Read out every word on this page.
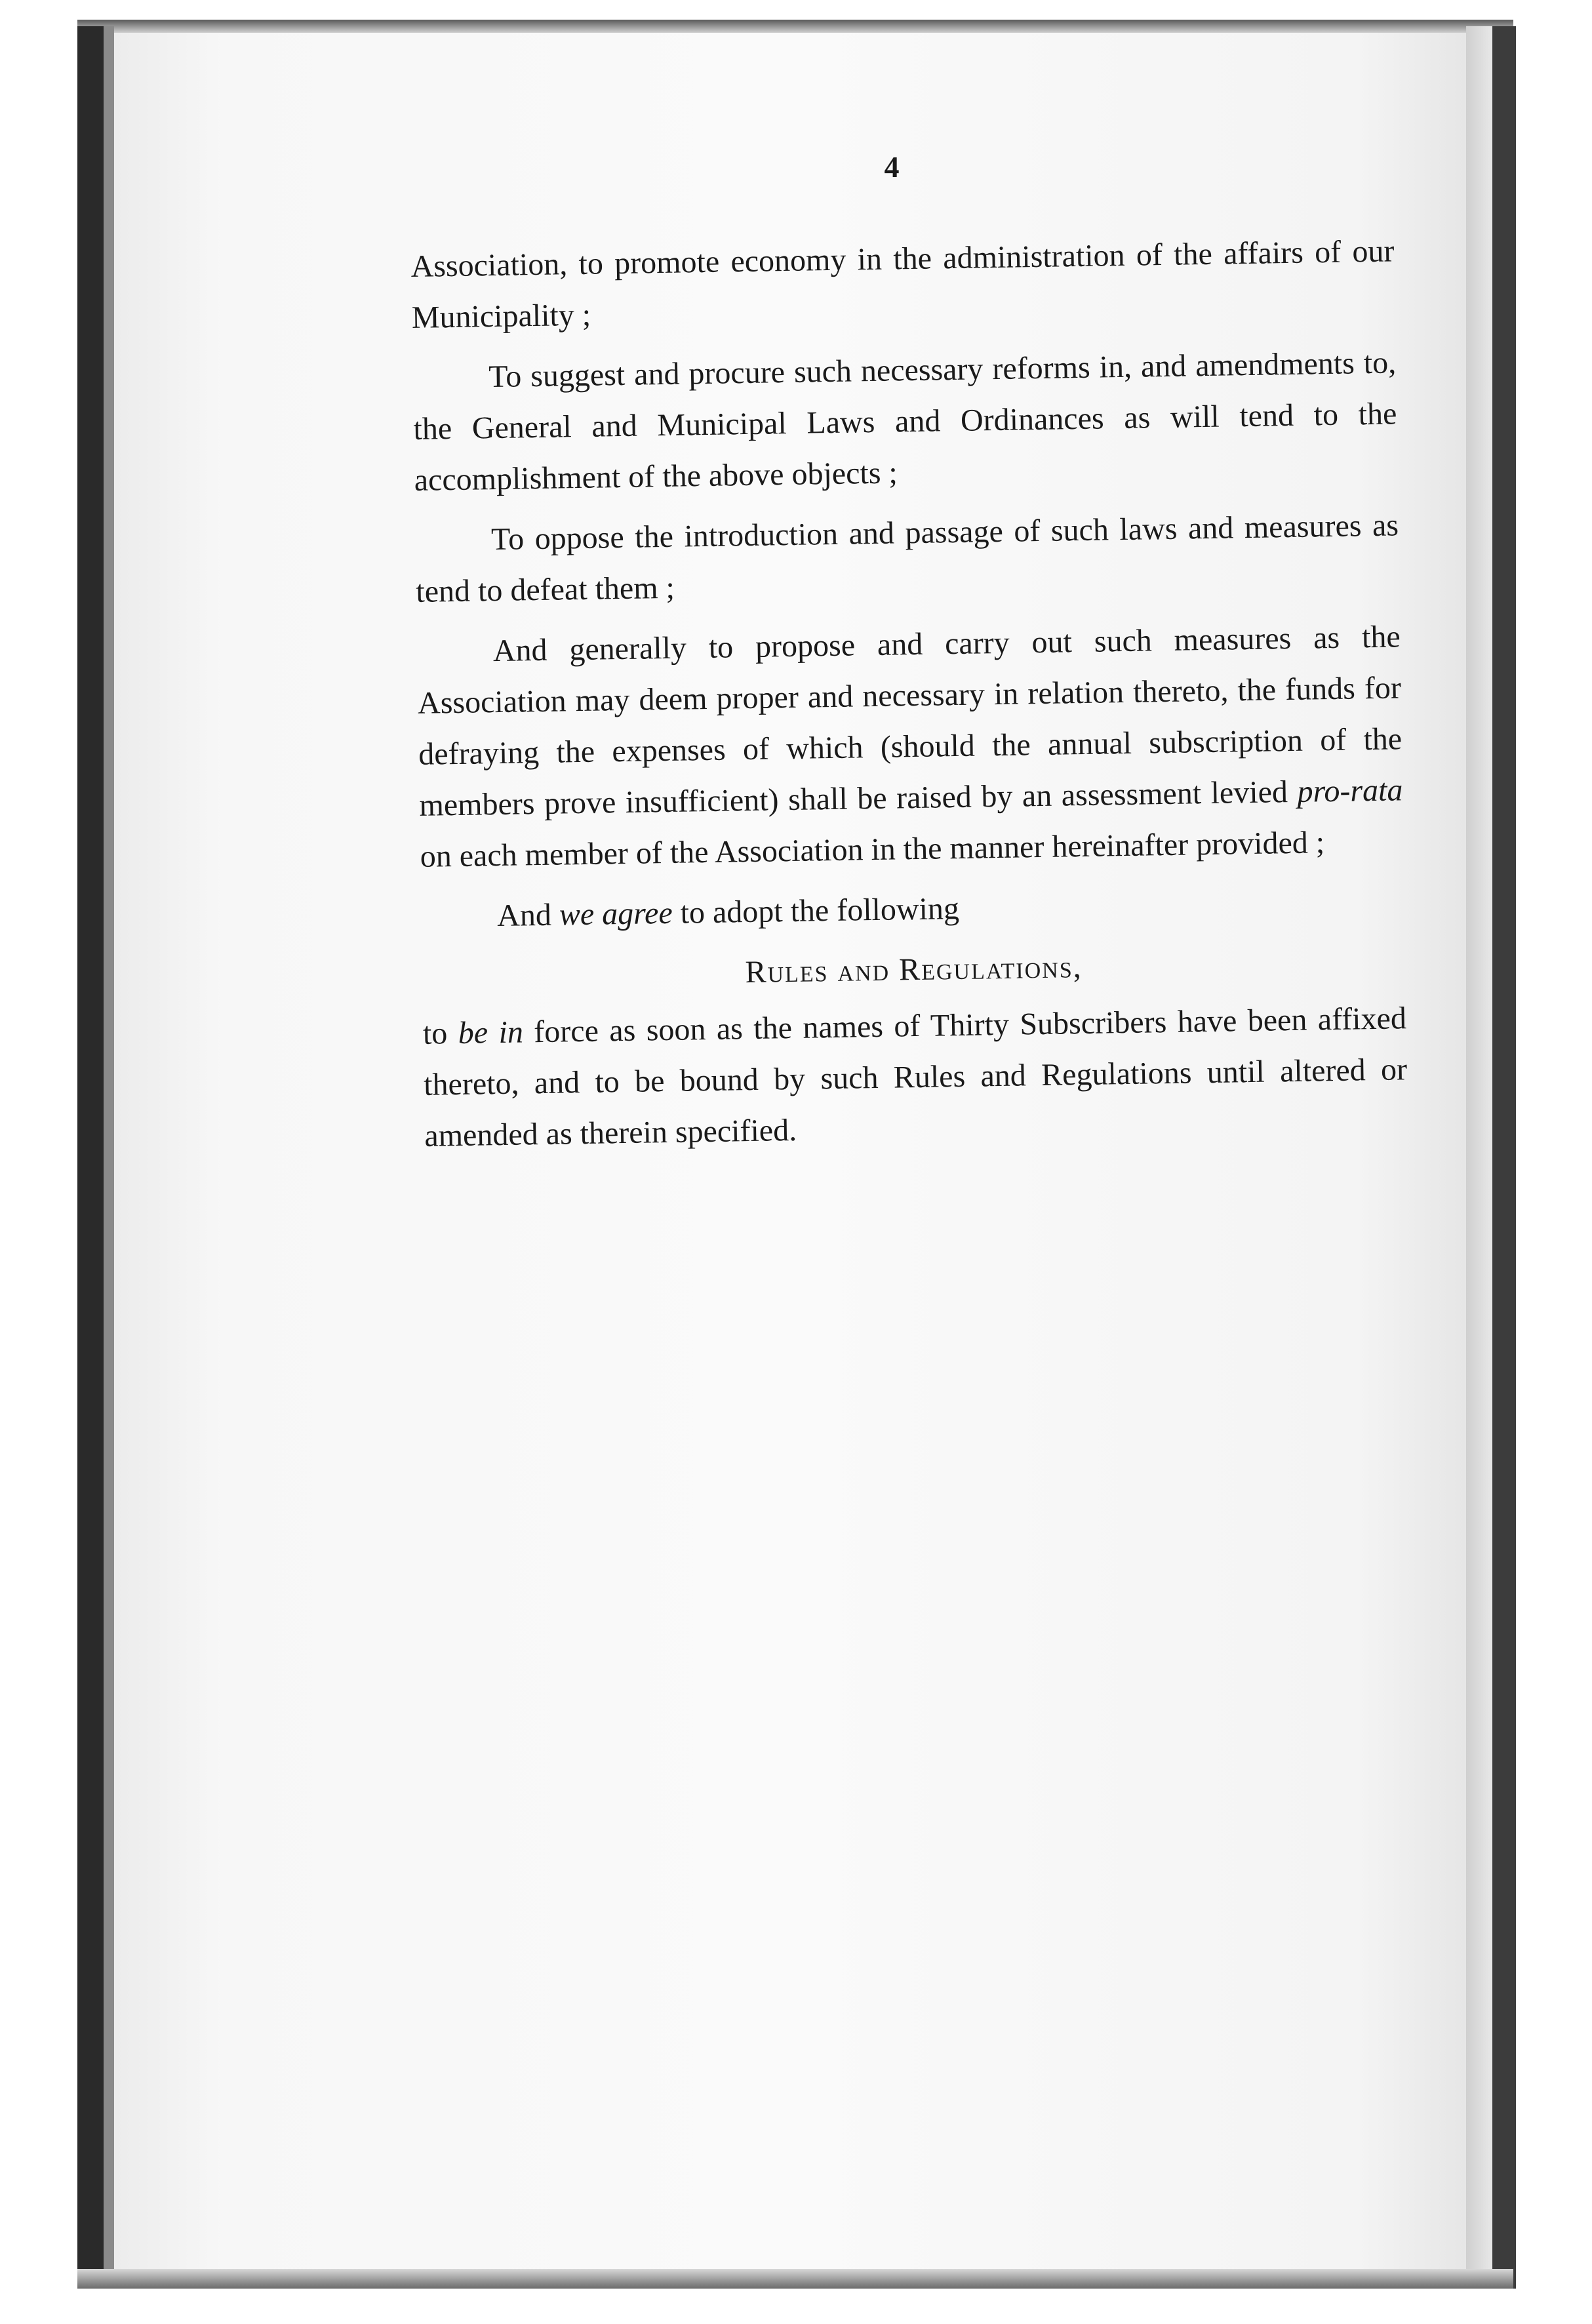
4

Association, to promote economy in the administration of the affairs of our Municipality ;

To suggest and procure such necessary reforms in, and amendments to, the General and Municipal Laws and Ordinances as will tend to the accomplishment of the above objects ;

To oppose the introduction and passage of such laws and measures as tend to defeat them ;

And generally to propose and carry out such measures as the Association may deem proper and necessary in relation thereto, the funds for defraying the expenses of which (should the annual subscription of the members prove insufficient) shall be raised by an assessment levied pro-rata on each member of the Association in the manner hereinafter provided ;

And we agree to adopt the following

Rules and Regulations,

to be in force as soon as the names of Thirty Subscribers have been affixed thereto, and to be bound by such Rules and Regulations until altered or amended as therein specified.
